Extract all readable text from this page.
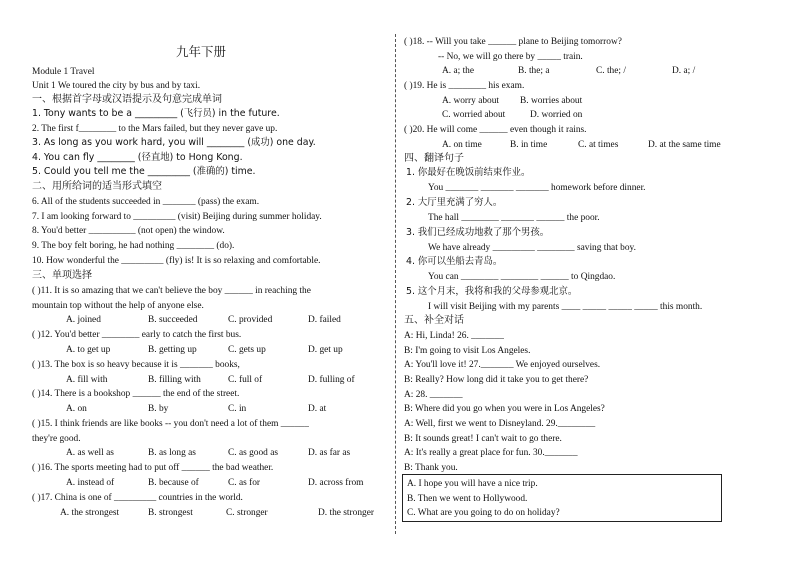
九年下册
Module 1 Travel
Unit 1 We toured the city by bus and by taxi.
一、根据首字母或汉语提示及句意完成单词
1. Tony wants to be a _________ (飞行员) in the future.
2. The first f________ to the Mars failed, but they never gave up.
3. As long as you work hard, you will ________ (成功) one day.
4. You can fly ________ (径直地) to Hong Kong.
5. Could you tell me the _________ (准确的) time.
二、用所给词的适当形式填空
6. All of the students succeeded in _______ (pass) the exam.
7. I am looking forward to _________ (visit) Beijing during summer holiday.
8. You'd better __________ (not open) the window.
9. The boy felt boring, he had nothing ________ (do).
10. How wonderful the _________ (fly) is! It is so relaxing and comfortable.
三、单项选择
( )11. It is so amazing that we can't believe the boy ______ in reaching the
mountain top without the help of anyone else.
A. joined	B. succeeded	C. provided	D. failed
( )12. You'd better ________ early to catch the first bus.
A. to get up	B. getting up	C. gets up	D. get up
( )13. The box is so heavy because it is _______ books,
A. fill with	B. filling with	C. full of	D. fulling of
( )14. There is a bookshop ______ the end of the street.
A. on	B. by	C. in	D. at
( )15. I think friends are like books -- you don't need a lot of them ______
they're good.
A. as well as	B. as long as	C. as good as	D. as far as
( )16. The sports meeting had to put off ______ the bad weather.
A. instead of	B. because of	C. as for	D. across from
( )17. China is one of _________ countries in the world.
A. the strongest	B. strongest	C. stronger	D. the stronger
( )18. -- Will you take ______ plane to Beijing tomorrow?
-- No, we will go there by _____ train.
A. a; the	B. the; a	C. the; /	D. a; /
( )19. He is ________ his exam.
A. worry about B. worries about
C. worried about	D. worried on
( )20. He will come ______ even though it rains.
A. on time	B. in time	C. at times	D. at the same time
四、翻译句子
1. 你最好在晚饭前结束作业。
You _______ _______ _______ homework before dinner.
2. 大厅里充满了穷人。
The hall ________ _______ ______ the poor.
3. 我们已经成功地救了那个男孩。
We have already _________ ________ saving that boy.
4. 你可以坐船去青岛。
You can ________ ________ ______ to Qingdao.
5. 这个月末，我将和我的父母参观北京。
I will visit Beijing with my parents ____ _____ _____ _____ this month.
五、补全对话
A: Hi, Linda! 26. _______
B: I'm going to visit Los Angeles.
A: You'll love it! 27._______ We enjoyed ourselves.
B: Really? How long did it take you to get there?
A: 28. _______
B: Where did you go when you were in Los Angeles?
A: Well, first we went to Disneyland. 29.________
B: It sounds great! I can't wait to go there.
A: It's really a great place for fun. 30._______
B: Thank you.
A. I hope you will have a nice trip.
B. Then we went to Hollywood.
C. What are you going to do on holiday?
